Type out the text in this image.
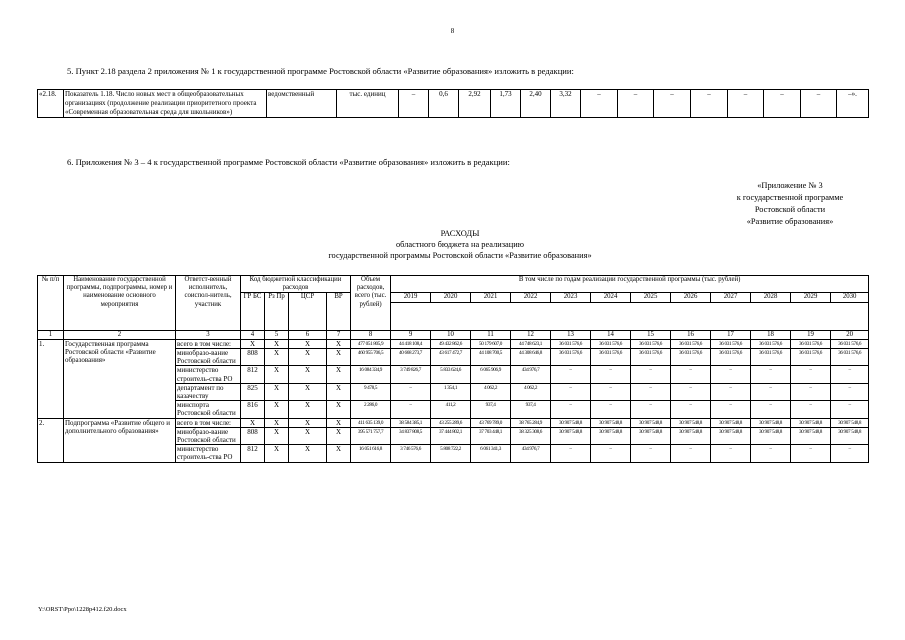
8
5. Пункт 2.18 раздела 2 приложения № 1 к государственной программе Ростовской области «Развитие образования» изложить в редакции:
«2.18.	Показатель 1.18. Число новых мест в общеобразовательных организациях (продолжение реализации приоритетного проекта «Современная образовательная среда для школьников»)	ведомственный	тыс. единиц	–	0,6	2,92	1,73	2,40	3,32	–	–	–	–	–	–	–	–».
6. Приложения № 3 – 4 к государственной программе Ростовской области «Развитие образования» изложить в редакции:
«Приложение № 3
к государственной программе
Ростовской области
«Развитие образования»
РАСХОДЫ
областного бюджета на реализацию
государственной программы Ростовской области «Развитие образования»
№ п/п	Наименование государственной программы, подпрограммы, номер и наименование основного мероприятия	Ответст-венный исполнитель, соиспол-нитель, участник	Код бюджетной классификации расходов				Объем расходов, всего (тыс. рублей)	В том числе по годам реализации государственной программы (тыс. рублей)											
			ГР БС	Рз Пр	ЦСР	ВР		2019	2020	2021	2022	2023	2024	2025	2026	2027	2028	2029	2030

1	2	3	4	5	6	7	8	9	10	11	12	13	14	15	16	17	18	19	20
1.	Государственная программа Ростовской области «Развитие образования»	всего в том числе:	X	X	X	X	477 051 805,9	44 418 108,4	49 432 862,6	50 179 607,0	44 748 623,1	36 031 576,6	36 031 576,6	36 031 576,6	36 031 576,6	36 031 576,6	36 031 576,6	36 031 576,6	36 031 576,6
		минобразо-вание Ростовской области	808	X	X	X	460 955 706,5	40 668 273,7	43 617 472,7	44 108 700,5	44 308 646,8	36 031 576,6	36 031 576,6	36 031 576,6	36 031 576,6	36 031 576,6	36 031 576,6	36 031 576,6	36 031 576,6
		министерство строитель-ства РО	812	X	X	X	16 084 334,9	3 749 826,7	5 833 624,6	6 065 906,9	434 976,7	–	–	–	–	–	–	–	–
		департамент по казачеству	825	X	X	X	9 478,5	–	1 354,1	4 062,2	4 062,2	–	–	–	–	–	–	–	–
		минспорта Ростовской области	816	X	X	X	2 286,0	–	411,2	937,4	937,4	–	–	–	–	–	–	–	–
2.	Подпрограмма «Развитие общего и дополнительного образования»	всего в том числе:	X	X	X	X	411 635 139,0	38 584 385,1	43 255 289,6	43 769 789,0	38 765 284,9	30 907 548,8	30 907 548,8	30 907 548,8	30 907 548,8	30 907 548,8	30 907 548,8	30 907 548,8	30 907 548,8
		минобразо-вание Ростовской области	808	X	X	X	395 571 757,7	34 837 808,5	37 444 802,1	37 703 448,1	38 325 308,6	30 907 548,8	30 907 548,8	30 907 548,8	30 907 548,8	30 907 548,8	30 907 548,8	30 907 548,8	30 907 548,8
		министерство строитель-ства РО	812	X	X	X	16 051 616,8	3 746 576,6	5 808 722,2	6 061 341,3	434 976,7	–	–	–	–	–	–	–	–
Y:\ORST\Ppo\1228p412.f20.docx
